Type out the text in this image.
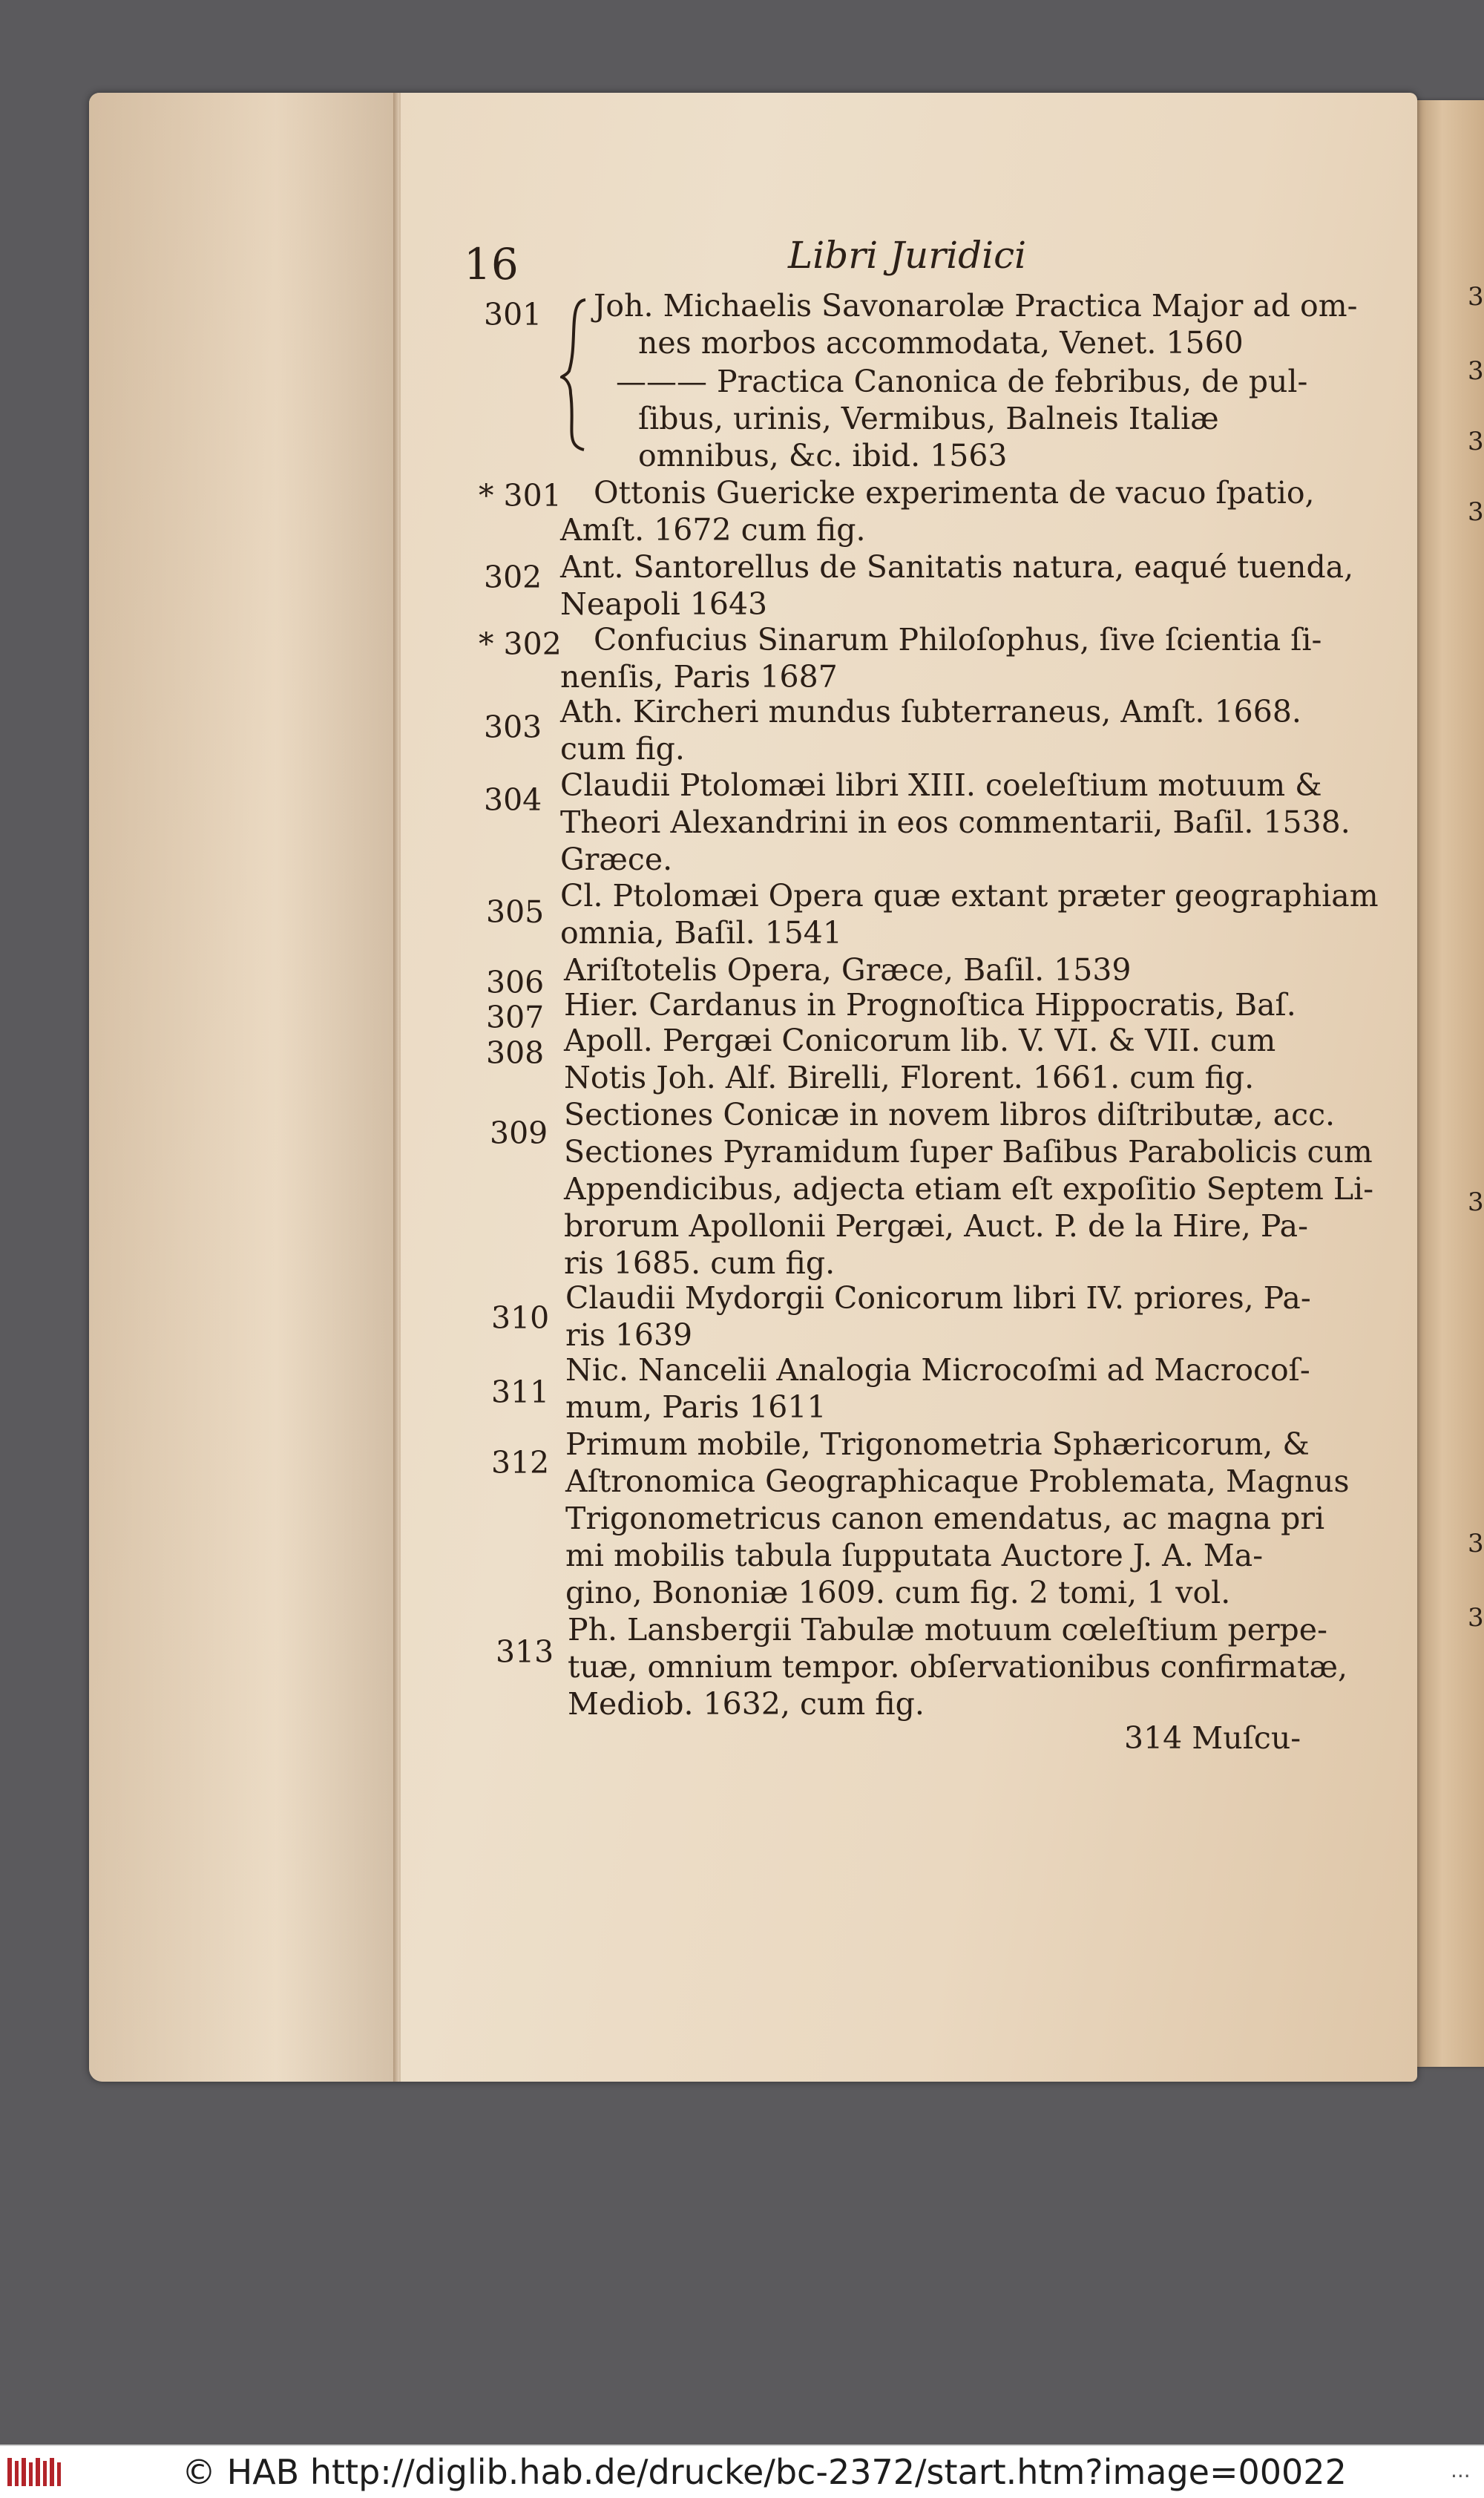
3
3
3
3
3
3
3
16	Libri Juridici
301 Joh. Michaelis Savonarolæ Practica Major ad om-
nes morbos accommodata, Venet. 1560
——— Practica Canonica de febribus, de pul-
ſibus, urinis, Vermibus, Balneis Italiæ
omnibus, &c. ibid. 1563
* 301 Ottonis Guericke experimenta de vacuo ſpatio,
Amſt. 1672 cum fig.
302 Ant. Santorellus de Sanitatis natura, eaqué tuenda,
Neapoli 1643
* 302 Confucius Sinarum Philoſophus, ſive ſcientia ſi-
nenſis, Paris 1687
303 Ath. Kircheri mundus ſubterraneus, Amſt. 1668.
cum fig.
304 Claudii Ptolomæi libri XIII. coeleſtium motuum &
Theori Alexandrini in eos commentarii, Baſil. 1538.
Græce.
305 Cl. Ptolomæi Opera quæ extant præter geographiam
omnia, Baſil. 1541
306 Ariſtotelis Opera, Græce, Baſil. 1539
307 Hier. Cardanus in Prognoſtica Hippocratis, Baſ.
308 Apoll. Pergæi Conicorum lib. V. VI. & VII. cum
Notis Joh. Alf. Birelli, Florent. 1661. cum fig.
309
Sectiones Conicæ in novem libros diſtributæ, acc.
Sectiones Pyramidum ſuper Baſibus Parabolicis cum
Appendicibus, adjecta etiam eſt expoſitio Septem Li-
brorum Apollonii Pergæi, Auct. P. de la Hire, Pa-
ris 1685. cum fig.
310
Claudii Mydorgii Conicorum libri IV. priores, Pa-
ris 1639
311
Nic. Nancelii Analogia Microcoſmi ad Macrocoſ-
mum, Paris 1611
312
Primum mobile, Trigonometria Sphæricorum, &
Aſtronomica Geographicaque Problemata, Magnus
Trigonometricus canon emendatus, ac magna pri
mi mobilis tabula ſupputata Auctore J. A. Ma-
gino, Bononiæ 1609. cum fig. 2 tomi, 1 vol.
313
Ph. Lansbergii Tabulæ motuum cœleſtium perpe-
tuæ, omnium tempor. obſervationibus confirmatæ,
Mediob. 1632, cum fig.
314 Muſcu-
© HAB http://diglib.hab.de/drucke/bc-2372/start.htm?image=00022	...
